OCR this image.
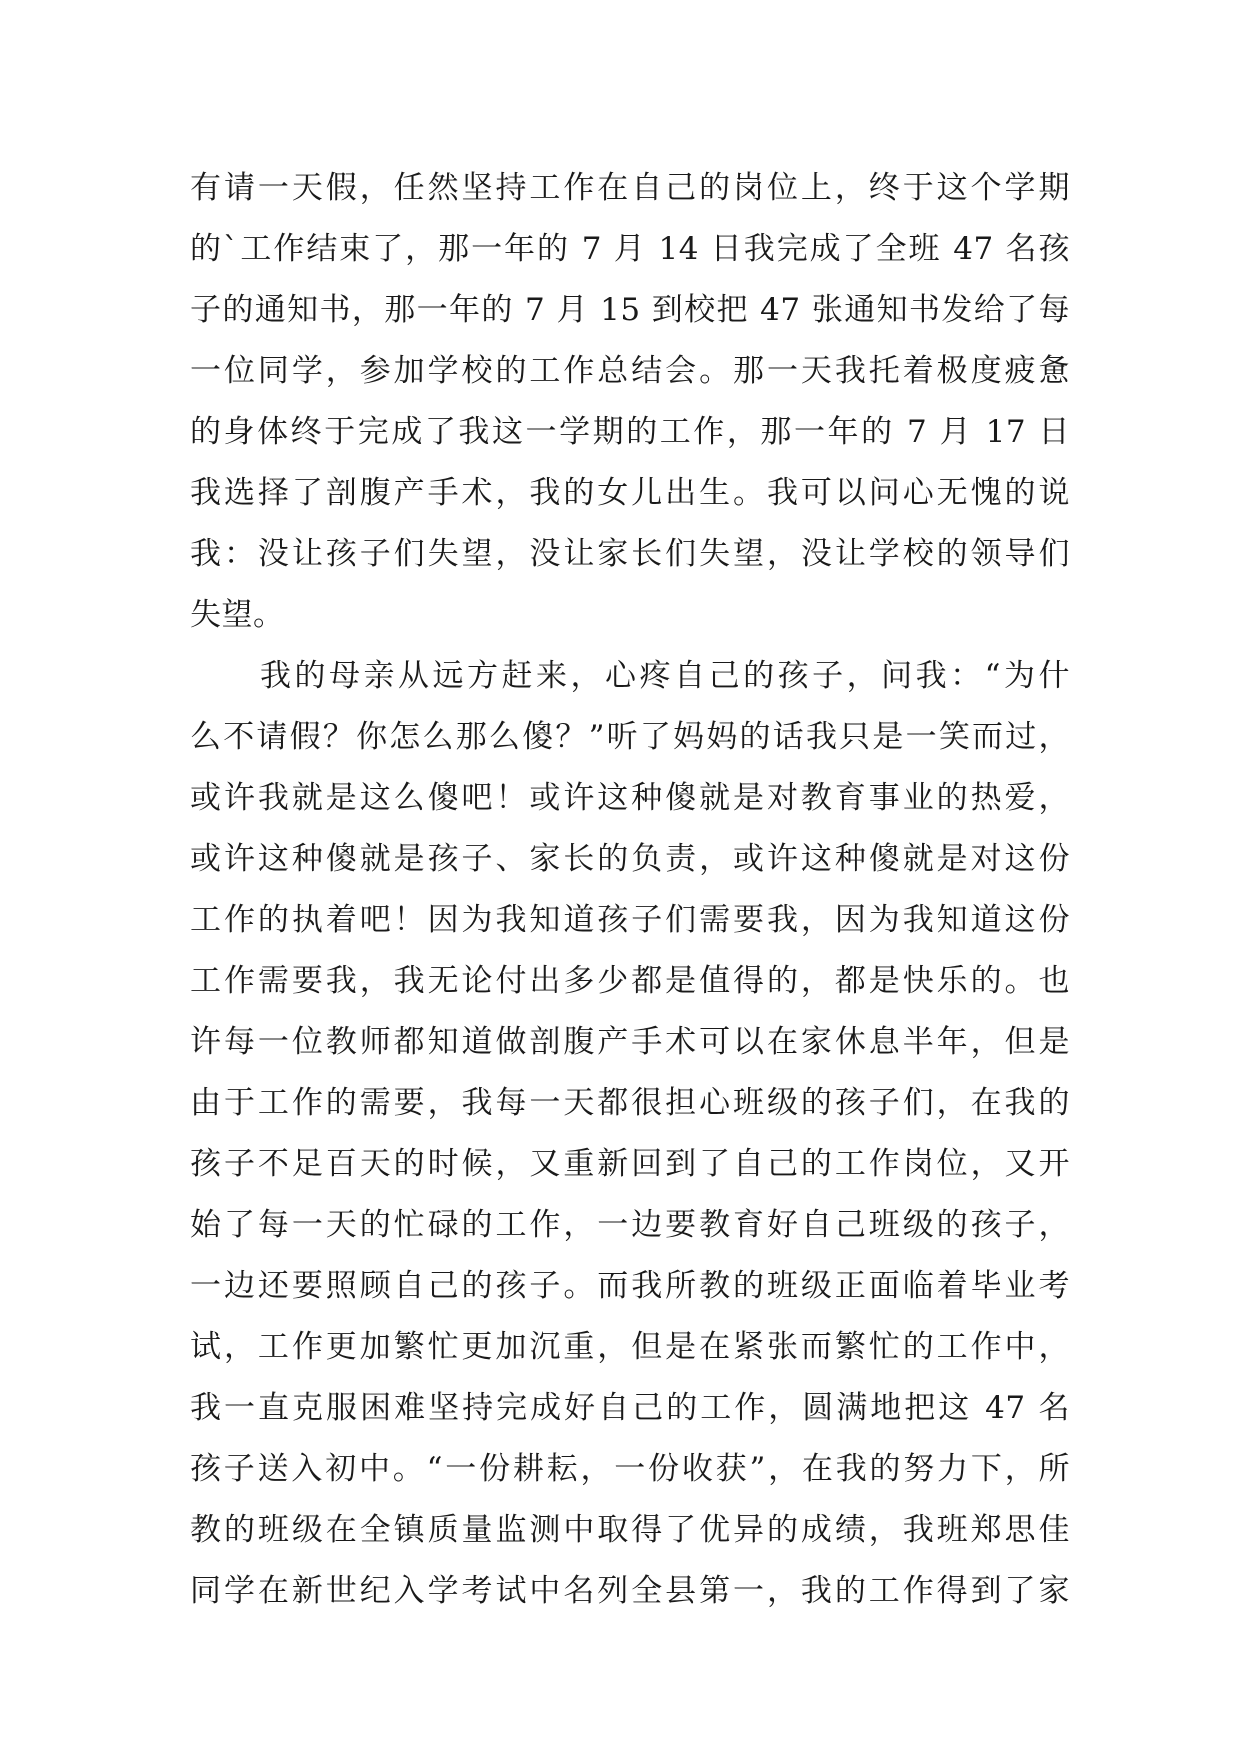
有请一天假，任然坚持工作在自己的岗位上，终于这个学期
的`工作结束了，那一年的 7 月 14 日我完成了全班 47 名孩
子的通知书，那一年的 7 月 15 到校把 47 张通知书发给了每
一位同学，参加学校的工作总结会。那一天我托着极度疲惫
的身体终于完成了我这一学期的工作，那一年的 7 月 17 日
我选择了剖腹产手术，我的女儿出生。我可以问心无愧的说
我：没让孩子们失望，没让家长们失望，没让学校的领导们
失望。
我的母亲从远方赶来，心疼自己的孩子，问我：“为什
么不请假？你怎么那么傻？”听了妈妈的话我只是一笑而过，
或许我就是这么傻吧！或许这种傻就是对教育事业的热爱，
或许这种傻就是孩子、家长的负责，或许这种傻就是对这份
工作的执着吧！因为我知道孩子们需要我，因为我知道这份
工作需要我，我无论付出多少都是值得的，都是快乐的。也
许每一位教师都知道做剖腹产手术可以在家休息半年，但是
由于工作的需要，我每一天都很担心班级的孩子们，在我的
孩子不足百天的时候，又重新回到了自己的工作岗位，又开
始了每一天的忙碌的工作，一边要教育好自己班级的孩子，
一边还要照顾自己的孩子。而我所教的班级正面临着毕业考
试，工作更加繁忙更加沉重，但是在紧张而繁忙的工作中，
我一直克服困难坚持完成好自己的工作，圆满地把这 47 名
孩子送入初中。“一份耕耘，一份收获”，在我的努力下，所
教的班级在全镇质量监测中取得了优异的成绩，我班郑思佳
同学在新世纪入学考试中名列全县第一，我的工作得到了家
